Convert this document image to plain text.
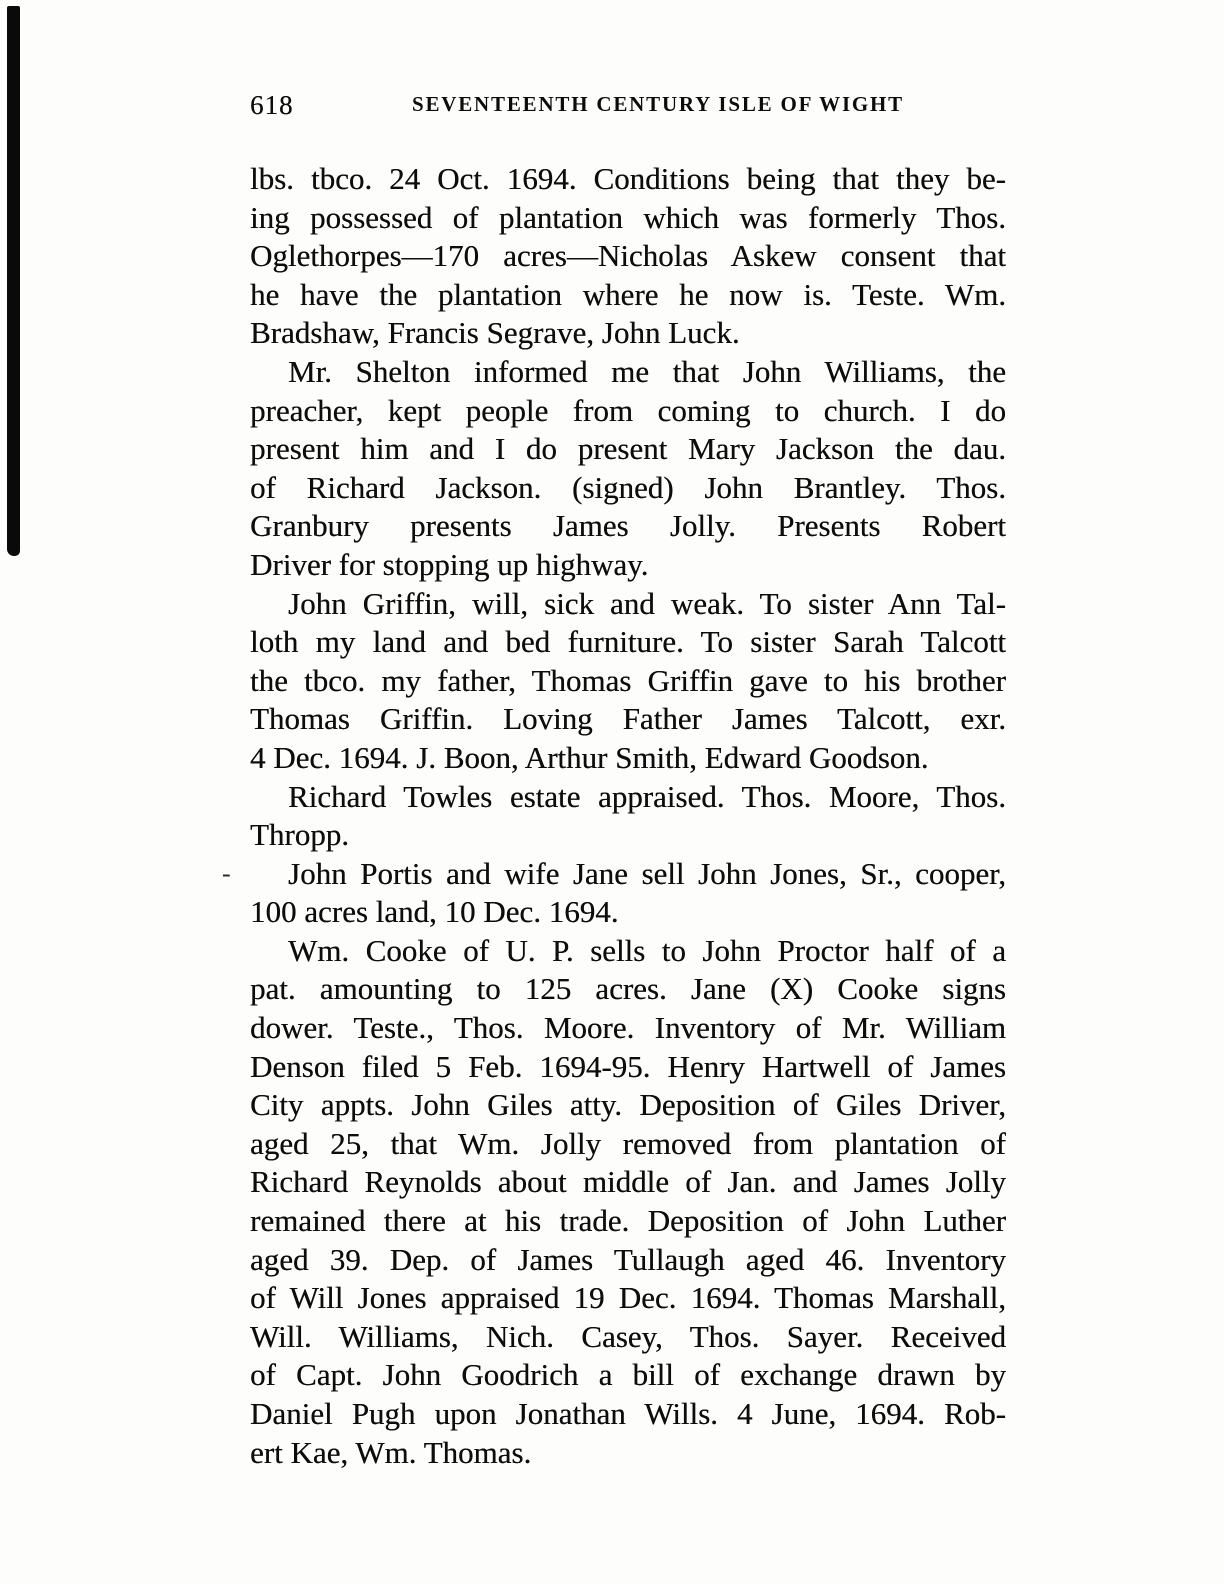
618	SEVENTEENTH CENTURY ISLE OF WIGHT
lbs. tbco. 24 Oct. 1694. Conditions being that they be-
ing possessed of plantation which was formerly Thos.
Oglethorpes—170 acres—Nicholas Askew consent that
he have the plantation where he now is. Teste. Wm.
Bradshaw, Francis Segrave, John Luck.
Mr. Shelton informed me that John Williams, the
preacher, kept people from coming to church. I do
present him and I do present Mary Jackson the dau.
of Richard Jackson. (signed) John Brantley. Thos.
Granbury presents James Jolly. Presents Robert
Driver for stopping up highway.
John Griffin, will, sick and weak. To sister Ann Tal-
loth my land and bed furniture. To sister Sarah Talcott
the tbco. my father, Thomas Griffin gave to his brother
Thomas Griffin. Loving Father James Talcott, exr.
4 Dec. 1694. J. Boon, Arthur Smith, Edward Goodson.
Richard Towles estate appraised. Thos. Moore, Thos.
Thropp.
-	John Portis and wife Jane sell John Jones, Sr., cooper,
100 acres land, 10 Dec. 1694.
Wm. Cooke of U. P. sells to John Proctor half of a
pat. amounting to 125 acres. Jane (X) Cooke signs
dower. Teste., Thos. Moore. Inventory of Mr. William
Denson filed 5 Feb. 1694-95. Henry Hartwell of James
City appts. John Giles atty. Deposition of Giles Driver,
aged 25, that Wm. Jolly removed from plantation of
Richard Reynolds about middle of Jan. and James Jolly
remained there at his trade. Deposition of John Luther
aged 39. Dep. of James Tullaugh aged 46. Inventory
of Will Jones appraised 19 Dec. 1694. Thomas Marshall,
Will. Williams, Nich. Casey, Thos. Sayer. Received
of Capt. John Goodrich a bill of exchange drawn by
Daniel Pugh upon Jonathan Wills. 4 June, 1694. Rob-
ert Kae, Wm. Thomas.
